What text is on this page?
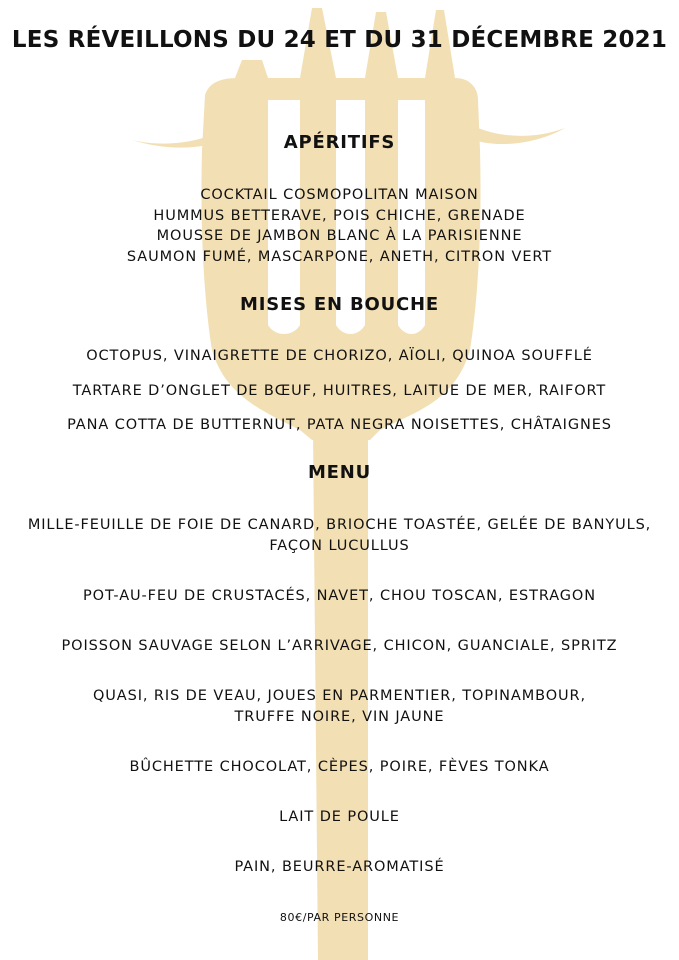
LES RÉVEILLONS DU 24 ET DU 31 DÉCEMBRE 2021
APÉRITIFS
COCKTAIL COSMOPOLITAN MAISON
HUMMUS BETTERAVE, POIS CHICHE, GRENADE
MOUSSE DE JAMBON BLANC À LA PARISIENNE
SAUMON FUMÉ, MASCARPONE, ANETH, CITRON VERT
MISES EN BOUCHE
OCTOPUS, VINAIGRETTE DE CHORIZO, AÏOLI, QUINOA SOUFFLÉ
TARTARE D’ONGLET DE BŒUF, HUITRES, LAITUE DE MER, RAIFORT
PANA COTTA DE BUTTERNUT, PATA NEGRA NOISETTES, CHÂTAIGNES
MENU
MILLE-FEUILLE DE FOIE DE CANARD, BRIOCHE TOASTÉE, GELÉE DE BANYULS,
FAÇON LUCULLUS
POT-AU-FEU DE CRUSTACÉS, NAVET, CHOU TOSCAN, ESTRAGON
POISSON SAUVAGE SELON L’ARRIVAGE, CHICON, GUANCIALE, SPRITZ
QUASI, RIS DE VEAU, JOUES EN PARMENTIER, TOPINAMBOUR,
TRUFFE NOIRE, VIN JAUNE
BÛCHETTE CHOCOLAT, CÈPES, POIRE, FÈVES TONKA
LAIT DE POULE
PAIN, BEURRE-AROMATISÉ
80€/PAR PERSONNE
